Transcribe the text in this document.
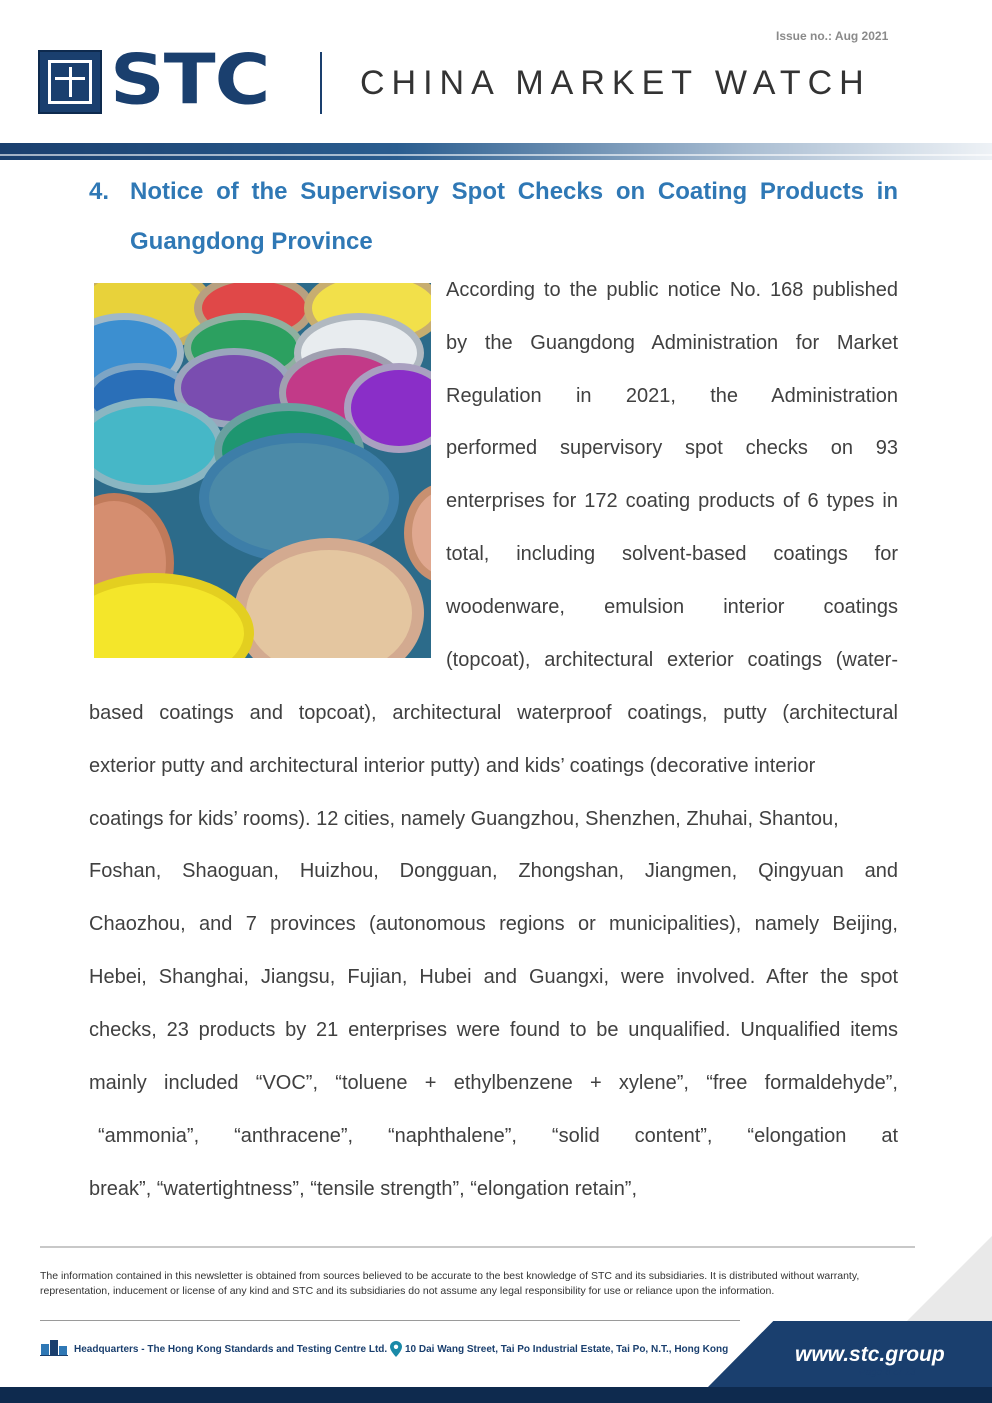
Issue no.: Aug 2021
STC	CHINA MARKET WATCH
4. Notice of the Supervisory Spot Checks on Coating Products in
Guangdong Province
According to the public notice No. 168 published
by the Guangdong Administration for Market
Regulation in 2021, the Administration
performed supervisory spot checks on 93
enterprises for 172 coating products of 6 types in
total, including solvent-based coatings for
woodenware, emulsion interior coatings
(topcoat), architectural exterior coatings (water-
based coatings and topcoat), architectural waterproof coatings, putty (architectural
exterior putty and architectural interior putty) and kids’ coatings (decorative interior
coatings for kids’ rooms). 12 cities, namely Guangzhou, Shenzhen, Zhuhai, Shantou,
Foshan, Shaoguan, Huizhou, Dongguan, Zhongshan, Jiangmen, Qingyuan and
Chaozhou, and 7 provinces (autonomous regions or municipalities), namely Beijing,
Hebei, Shanghai, Jiangsu, Fujian, Hubei and Guangxi, were involved. After the spot
checks, 23 products by 21 enterprises were found to be unqualified. Unqualified items
mainly included “VOC”, “toluene + ethylbenzene + xylene”, “free formaldehyde”,
“ammonia”, “anthracene”, “naphthalene”, “solid content”, “elongation at
break”, “watertightness”, “tensile strength”, “elongation retain”,
The information contained in this newsletter is obtained from sources believed to be accurate to the best knowledge of STC and its subsidiaries. It is distributed without warranty, representation, inducement or license of any kind and STC and its subsidiaries do not assume any legal responsibility for use or reliance upon the information.
Headquarters - The Hong Kong Standards and Testing Centre Ltd. 10 Dai Wang Street, Tai Po Industrial Estate, Tai Po, N.T., Hong Kong	www.stc.group
Page 8 of 13
